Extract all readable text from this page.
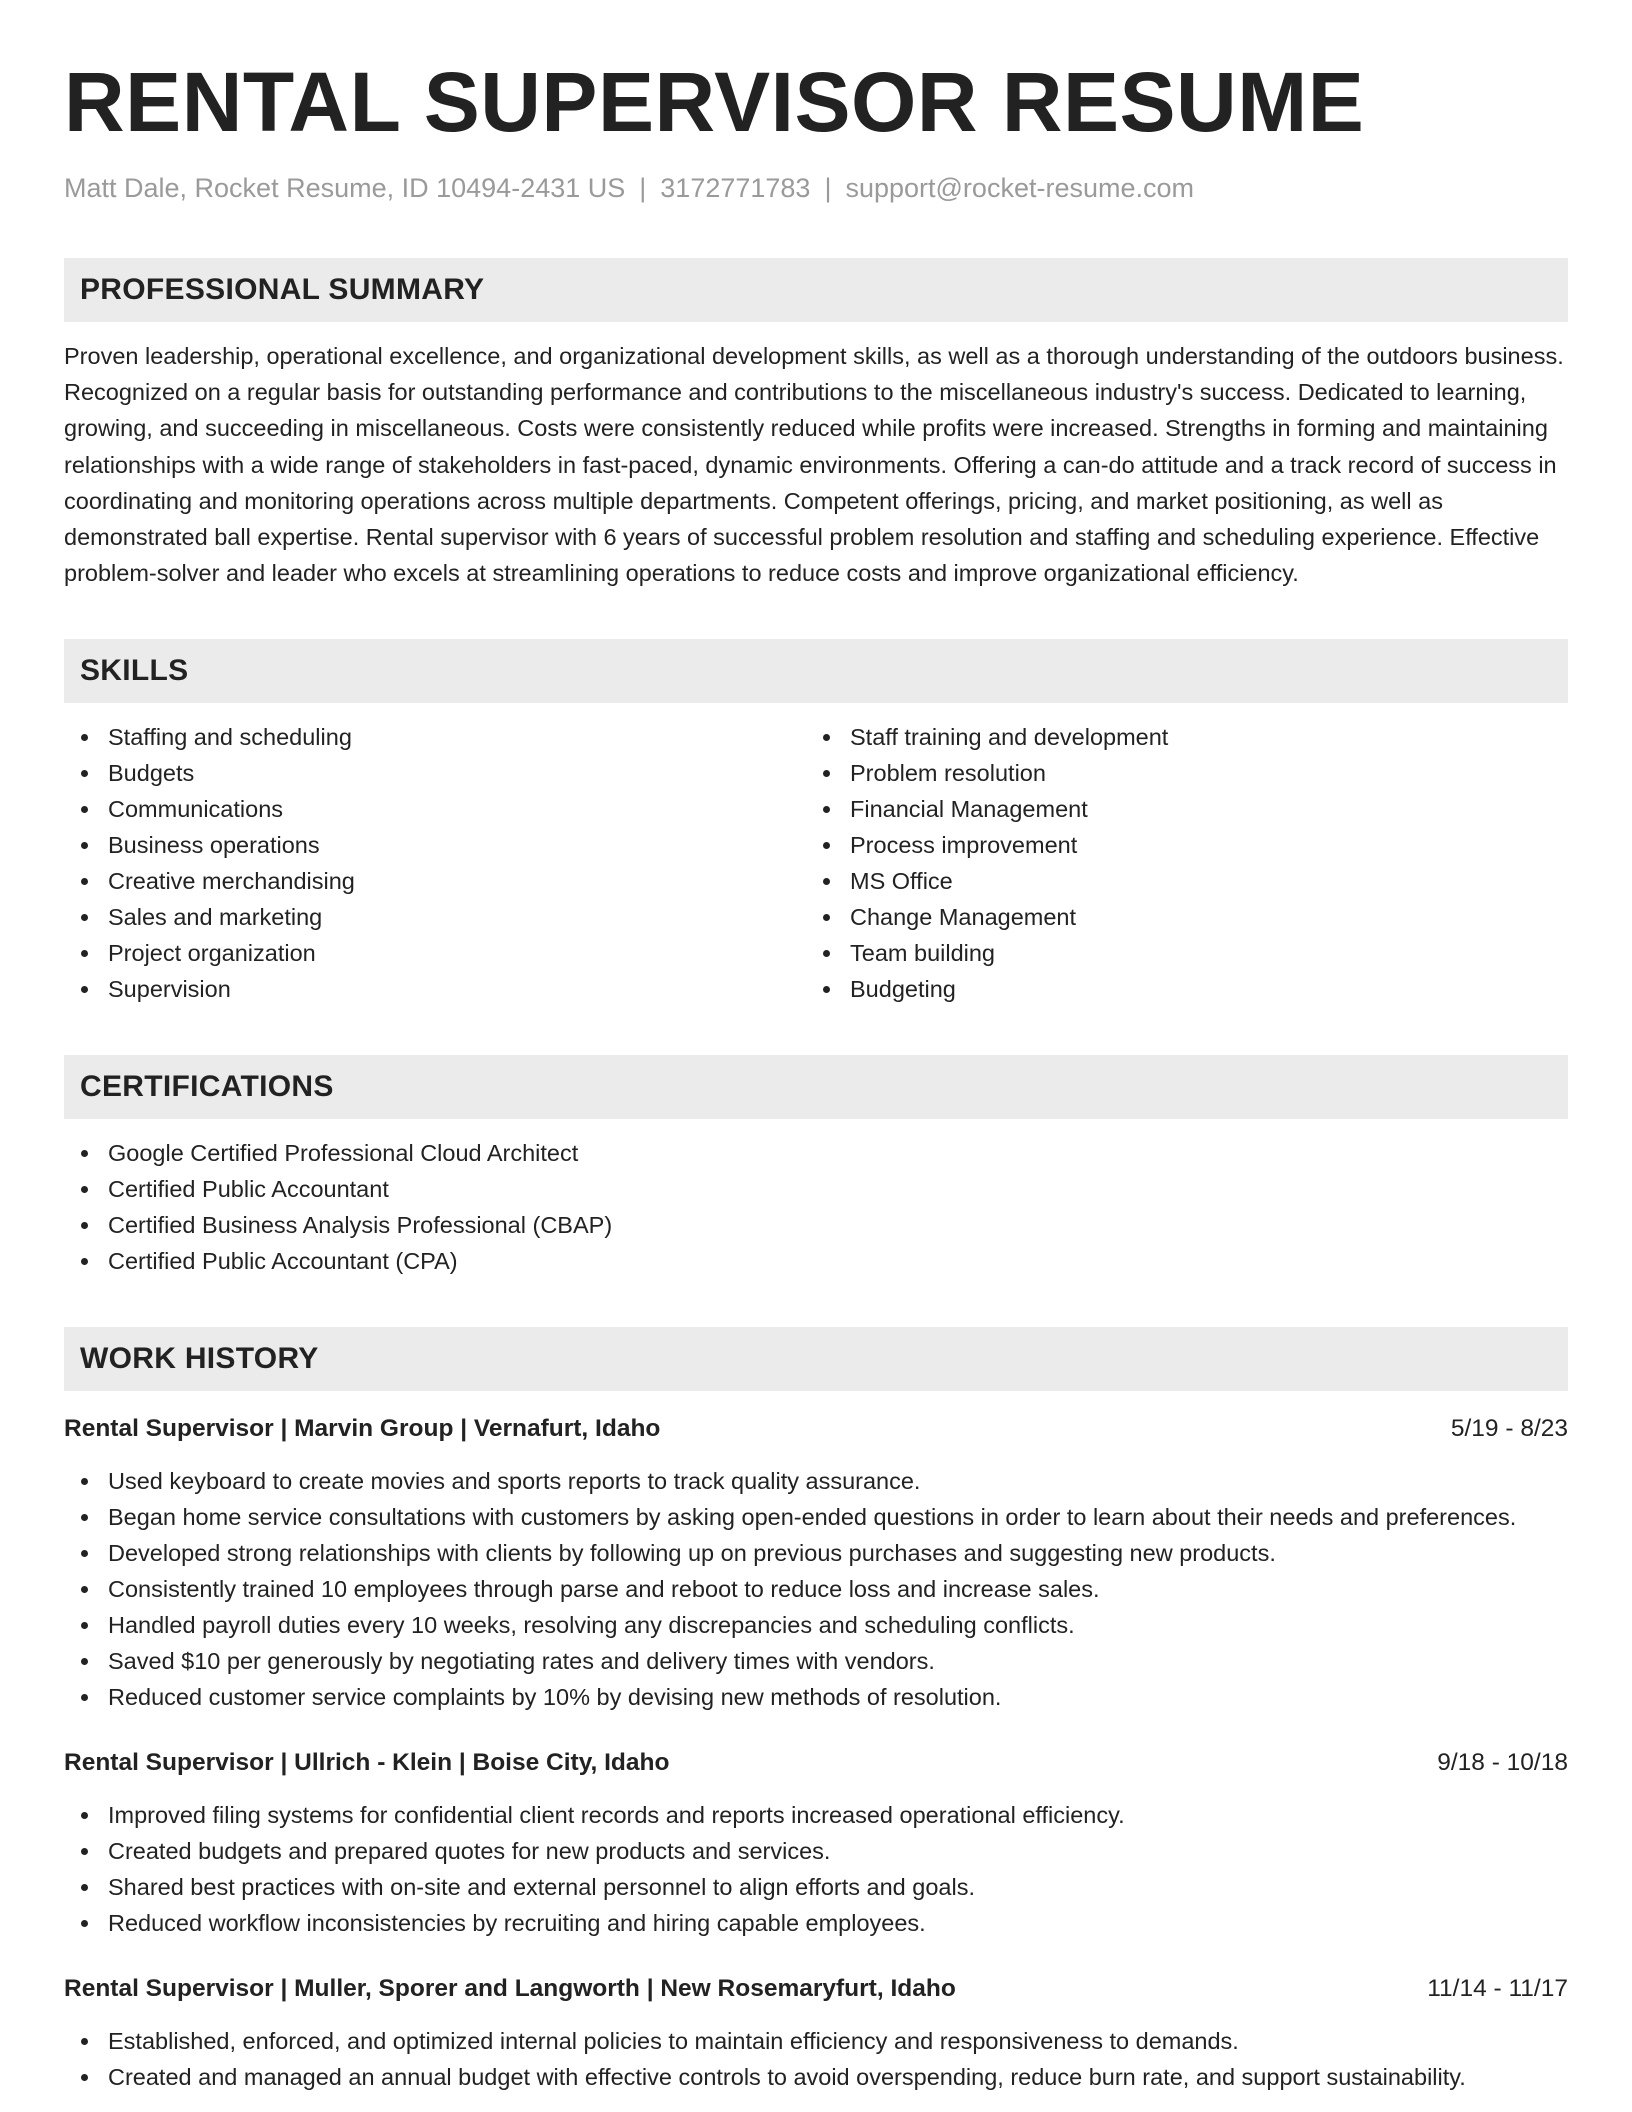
RENTAL SUPERVISOR RESUME
Matt Dale, Rocket Resume, ID 10494-2431 US | 3172771783 | support@rocket-resume.com
PROFESSIONAL SUMMARY
Proven leadership, operational excellence, and organizational development skills, as well as a thorough understanding of the outdoors business. Recognized on a regular basis for outstanding performance and contributions to the miscellaneous industry's success. Dedicated to learning, growing, and succeeding in miscellaneous. Costs were consistently reduced while profits were increased. Strengths in forming and maintaining relationships with a wide range of stakeholders in fast-paced, dynamic environments. Offering a can-do attitude and a track record of success in coordinating and monitoring operations across multiple departments. Competent offerings, pricing, and market positioning, as well as demonstrated ball expertise. Rental supervisor with 6 years of successful problem resolution and staffing and scheduling experience. Effective problem-solver and leader who excels at streamlining operations to reduce costs and improve organizational efficiency.
SKILLS
Staffing and scheduling
Budgets
Communications
Business operations
Creative merchandising
Sales and marketing
Project organization
Supervision
Staff training and development
Problem resolution
Financial Management
Process improvement
MS Office
Change Management
Team building
Budgeting
CERTIFICATIONS
Google Certified Professional Cloud Architect
Certified Public Accountant
Certified Business Analysis Professional (CBAP)
Certified Public Accountant (CPA)
WORK HISTORY
Rental Supervisor | Marvin Group | Vernafurt, Idaho	5/19 - 8/23
Used keyboard to create movies and sports reports to track quality assurance.
Began home service consultations with customers by asking open-ended questions in order to learn about their needs and preferences.
Developed strong relationships with clients by following up on previous purchases and suggesting new products.
Consistently trained 10 employees through parse and reboot to reduce loss and increase sales.
Handled payroll duties every 10 weeks, resolving any discrepancies and scheduling conflicts.
Saved $10 per generously by negotiating rates and delivery times with vendors.
Reduced customer service complaints by 10% by devising new methods of resolution.
Rental Supervisor | Ullrich - Klein | Boise City, Idaho	9/18 - 10/18
Improved filing systems for confidential client records and reports increased operational efficiency.
Created budgets and prepared quotes for new products and services.
Shared best practices with on-site and external personnel to align efforts and goals.
Reduced workflow inconsistencies by recruiting and hiring capable employees.
Rental Supervisor | Muller, Sporer and Langworth | New Rosemaryfurt, Idaho	11/14 - 11/17
Established, enforced, and optimized internal policies to maintain efficiency and responsiveness to demands.
Created and managed an annual budget with effective controls to avoid overspending, reduce burn rate, and support sustainability.
